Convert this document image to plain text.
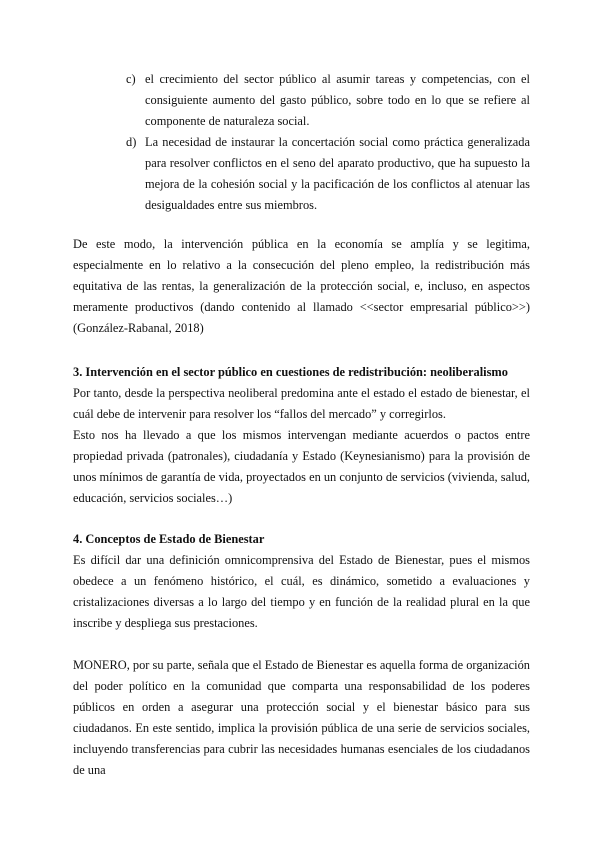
c) el crecimiento del sector público al asumir tareas y competencias, con el consiguiente aumento del gasto público, sobre todo en lo que se refiere al componente de naturaleza social.

d) La necesidad de instaurar la concertación social como práctica generalizada para resolver conflictos en el seno del aparato productivo, que ha supuesto la mejora de la cohesión social y la pacificación de los conflictos al atenuar las desigualdades entre sus miembros.

De este modo, la intervención pública en la economía se amplía y se legitima, especialmente en lo relativo a la consecución del pleno empleo, la redistribución más equitativa de las rentas, la generalización de la protección social, e, incluso, en aspectos meramente productivos (dando contenido al llamado <<sector empresarial público>>) (González-Rabanal, 2018)

3. Intervención en el sector público en cuestiones de redistribución: neoliberalismo

Por tanto, desde la perspectiva neoliberal predomina ante el estado el estado de bienestar, el cuál debe de intervenir para resolver los “fallos del mercado” y corregirlos.

Esto nos ha llevado a que los mismos intervengan mediante acuerdos o pactos entre propiedad privada (patronales), ciudadanía y Estado (Keynesianismo) para la provisión de unos mínimos de garantía de vida, proyectados en un conjunto de servicios (vivienda, salud, educación, servicios sociales…)

4. Conceptos de Estado de Bienestar

Es difícil dar una definición omnicomprensiva del Estado de Bienestar, pues el mismos obedece a un fenómeno histórico, el cuál, es dinámico, sometido a evaluaciones y cristalizaciones diversas a lo largo del tiempo y en función de la realidad plural en la que inscribe y despliega sus prestaciones.

MONERO, por su parte, señala que el Estado de Bienestar es aquella forma de organización del poder político en la comunidad que comparta una responsabilidad de los poderes públicos en orden a asegurar una protección social y el bienestar básico para sus ciudadanos. En este sentido, implica la provisión pública de una serie de servicios sociales, incluyendo transferencias para cubrir las necesidades humanas esenciales de los ciudadanos de una
